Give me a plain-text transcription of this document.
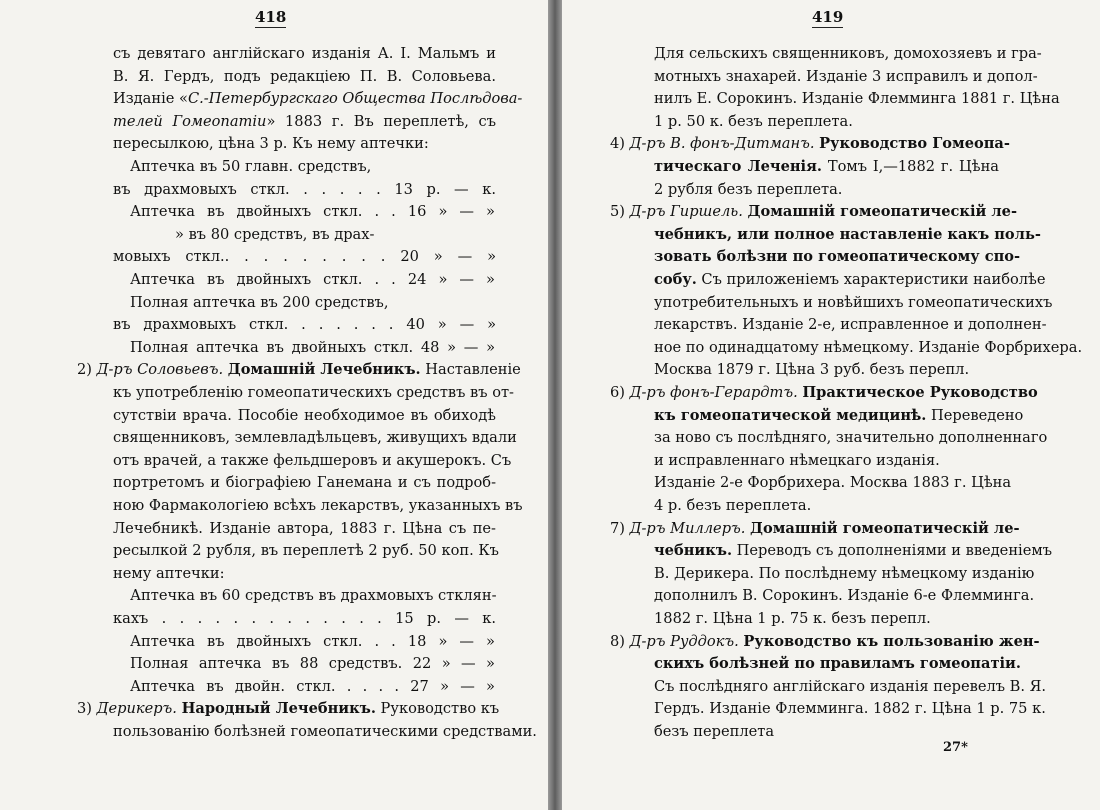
418
съ девятаго англійскаго изданія А. І. Мальмъ и
В. Я. Гердъ, подъ редакціею П. В. Соловьева.
Изданіе «С.-Петербургскаго Общества Послѣдова-
телей Гомеопатіи» 1883 г. Въ переплетѣ, съ
пересылкою, цѣна 3 р. Къ нему аптечки:
Аптечка въ 50 главн. средствъ,
въ драхмовыхъ сткл. . . . . . 13 р. — к.
Аптечка въ двойныхъ сткл. . . 16 » — »
» въ 80 средствъ, въ драх-
мовыхъ сткл.. . . . . . . . . 20 » — »
Аптечка въ двойныхъ сткл. . . 24 » — »
Полная аптечка въ 200 средствъ,
въ драхмовыхъ сткл. . . . . . . 40 » — »
Полная аптечка въ двойныхъ сткл. 48 » — »
2) Д-ръ Соловьевъ. Домашній Лечебникъ. Наставленіе
къ употребленію гомеопатическихъ средствъ въ от-
сутствіи врача. Пособіе необходимое въ обиходѣ
священниковъ, землевладѣльцевъ, живущихъ вдали
отъ врачей, а также фельдшеровъ и акушерокъ. Съ
портретомъ и біографіею Ганемана и съ подроб-
ною Фармакологіею всѣхъ лекарствъ, указанныхъ въ
Лечебникѣ. Изданіе автора, 1883 г. Цѣна съ пе-
ресылкой 2 рубля, въ переплетѣ 2 руб. 50 коп. Къ
нему аптечки:
Аптечка въ 60 средствъ въ драхмовыхъ стклян-
кахъ . . . . . . . . . . . . . 15 р. — к.
Аптечка въ двойныхъ сткл. . . 18 » — »
Полная аптечка въ 88 средствъ. 22 » — »
Аптечка въ двойн. сткл. . . . . 27 » — »
3) Дерикеръ. Народный Лечебникъ. Руководство къ
пользованію болѣзней гомеопатическими средствами.
419
27*
Для сельскихъ священниковъ, домохозяевъ и гра-
мотныхъ знахарей. Изданіе 3 исправилъ и допол-
нилъ Е. Сорокинъ. Изданіе Флемминга 1881 г. Цѣна
1 р. 50 к. безъ переплета.
4) Д-ръ В. фонъ-Дитманъ. Руководство Гомеопа-
тическаго Леченія. Томъ I,—1882 г. Цѣна
2 рубля безъ переплета.
5) Д-ръ Гиршель. Домашній гомеопатическій ле-
чебникъ, или полное наставленіе какъ поль-
зовать болѣзни по гомеопатическому спо-
собу. Съ приложеніемъ характеристики наиболѣе
употребительныхъ и новѣйшихъ гомеопатическихъ
лекарствъ. Изданіе 2-е, исправленное и дополнен-
ное по одинадцатому нѣмецкому. Изданіе Форбрихера.
Москва 1879 г. Цѣна 3 руб. безъ перепл.
6) Д-ръ фонъ-Герардтъ. Практическое Руководство
къ гомеопатической медицинѣ. Переведено
за ново съ послѣдняго, значительно дополненнаго
и исправленнаго нѣмецкаго изданія.
Изданіе 2-е Форбрихера. Москва 1883 г. Цѣна
4 р. безъ переплета.
7) Д-ръ Миллеръ. Домашній гомеопатическій ле-
чебникъ. Переводъ съ дополненіями и введеніемъ
В. Дерикера. По послѣднему нѣмецкому изданію
дополнилъ В. Сорокинъ. Изданіе 6-е Флемминга.
1882 г. Цѣна 1 р. 75 к. безъ перепл.
8) Д-ръ Руддокъ. Руководство къ пользованію жен-
скихъ болѣзней по правиламъ гомеопатіи.
Съ послѣдняго англійскаго изданія перевелъ В. Я.
Гердъ. Изданіе Флемминга. 1882 г. Цѣна 1 р. 75 к.
безъ переплета
